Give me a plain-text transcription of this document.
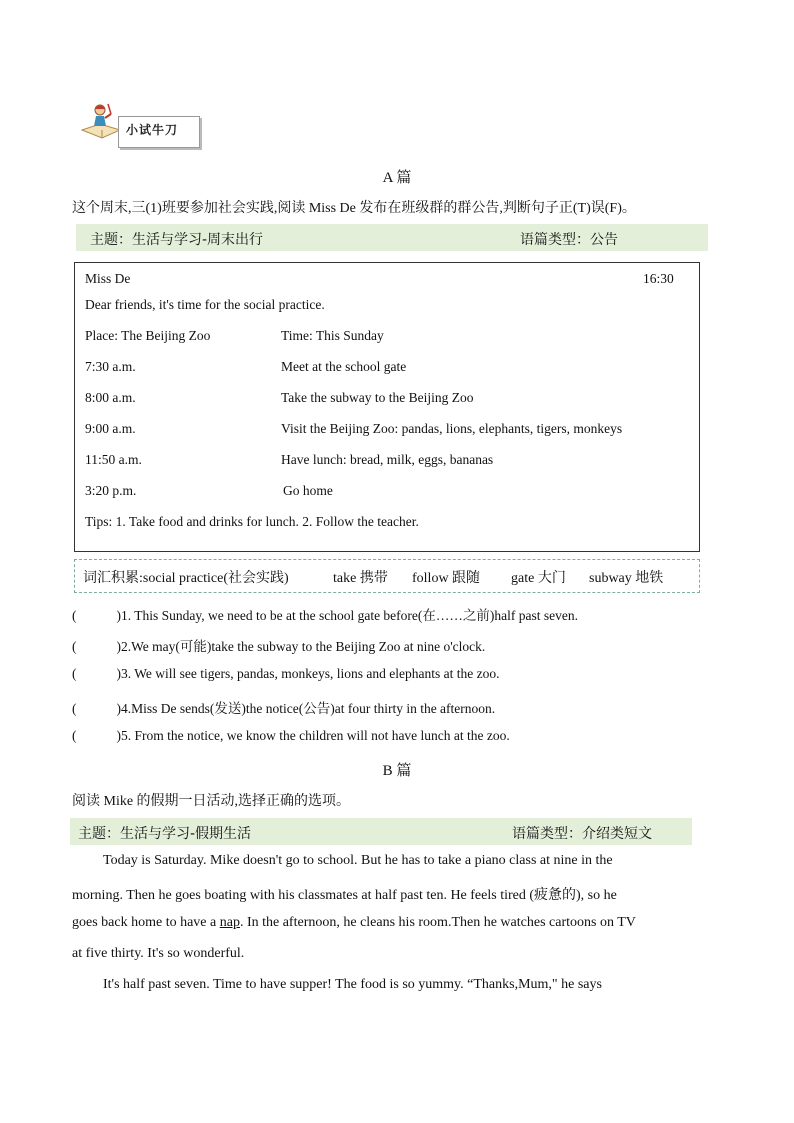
小试牛刀
A 篇
这个周末,三(1)班要参加社会实践,阅读 Miss De 发布在班级群的群公告,判断句子正(T)误(F)。
主题：生活与学习-周末出行	语篇类型：公告
Miss De	16:30
Dear friends, it's time for the social practice.
Place: The Beijing Zoo	Time: This Sunday
7:30 a.m.	Meet at the school gate
8:00 a.m.	Take the subway to the Beijing Zoo
9:00 a.m.	Visit the Beijing Zoo: pandas, lions, elephants, tigers, monkeys
11:50 a.m.	Have lunch: bread, milk, eggs, bananas
3:20 p.m.	Go home
Tips: 1. Take food and drinks for lunch. 2. Follow the teacher.
词汇积累:social practice(社会实践)	take 携带 follow 跟随 gate 大门 subway 地铁
(	)1. This Sunday, we need to be at the school gate before(在……之前)half past seven.
(	)2.We may(可能)take the subway to the Beijing Zoo at nine o'clock.
(	)3. We will see tigers, pandas, monkeys, lions and elephants at the zoo.
(	)4.Miss De sends(发送)the notice(公告)at four thirty in the afternoon.
(	)5. From the notice, we know the children will not have lunch at the zoo.
B 篇
阅读 Mike 的假期一日活动,选择正确的选项。
主题：生活与学习-假期生活	语篇类型：介绍类短文
Today is Saturday. Mike doesn't go to school. But he has to take a piano class at nine in the
morning. Then he goes boating with his classmates at half past ten. He feels tired (疲惫的), so he
goes back home to have a nap. In the afternoon, he cleans his room.Then he watches cartoons on TV
at five thirty. It's so wonderful.
It's half past seven. Time to have supper! The food is so yummy. “Thanks,Mum," he says
